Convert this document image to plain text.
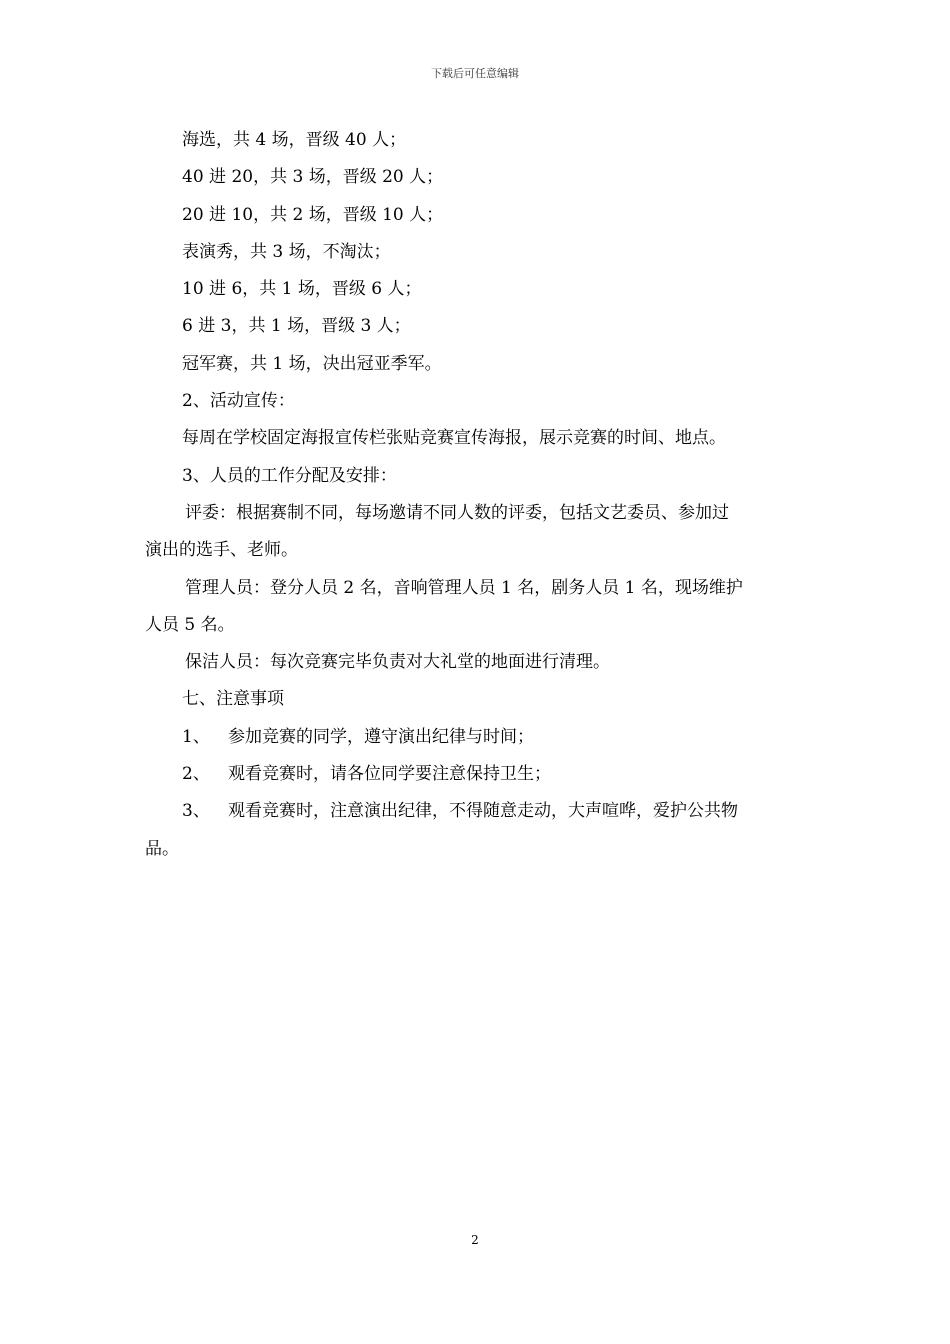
下载后可任意编辑
海选，共 4 场，晋级 40 人；
40 进 20，共 3 场，晋级 20 人；
20 进 10，共 2 场，晋级 10 人；
表演秀，共 3 场，不淘汰；
10 进 6，共 1 场，晋级 6 人；
6 进 3，共 1 场，晋级 3 人；
冠军赛，共 1 场，决出冠亚季军。
2、活动宣传：
每周在学校固定海报宣传栏张贴竞赛宣传海报，展示竞赛的时间、地点。
3、人员的工作分配及安排：
评委：根据赛制不同，每场邀请不同人数的评委，包括文艺委员、参加过
演出的选手、老师。
管理人员：登分人员 2 名，音响管理人员 1 名，剧务人员 1 名，现场维护
人员 5 名。
保洁人员：每次竞赛完毕负责对大礼堂的地面进行清理。
七、注意事项
1、 参加竞赛的同学，遵守演出纪律与时间；
2、 观看竞赛时，请各位同学要注意保持卫生；
3、 观看竞赛时，注意演出纪律，不得随意走动，大声喧哗，爱护公共物
品。
2
